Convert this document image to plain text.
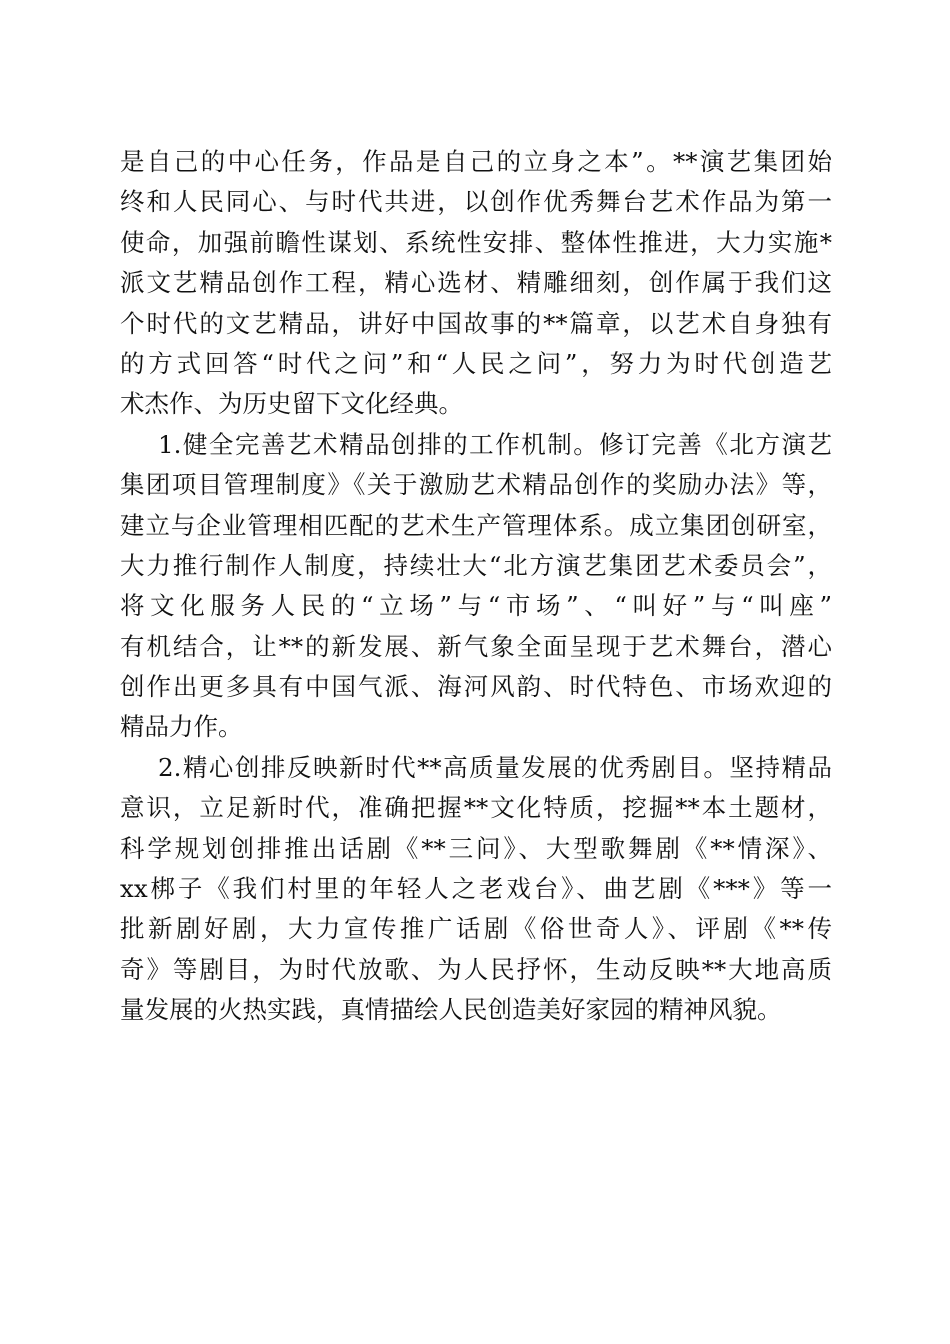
是自己的中心任务，作品是自己的立身之本”。**演艺集团始
终和人民同心、与时代共进，以创作优秀舞台艺术作品为第一
使命，加强前瞻性谋划、系统性安排、整体性推进，大力实施*
派文艺精品创作工程，精心选材、精雕细刻，创作属于我们这
个时代的文艺精品，讲好中国故事的**篇章，以艺术自身独有
的方式回答“时代之问”和“人民之问”，努力为时代创造艺
术杰作、为历史留下文化经典。
1.健全完善艺术精品创排的工作机制。修订完善《北方演艺
集团项目管理制度》《关于激励艺术精品创作的奖励办法》等，
建立与企业管理相匹配的艺术生产管理体系。成立集团创研室，
大力推行制作人制度，持续壮大“北方演艺集团艺术委员会”，
将文化服务人民的“立场”与“市场”、“叫好”与“叫座”
有机结合，让**的新发展、新气象全面呈现于艺术舞台，潜心
创作出更多具有中国气派、海河风韵、时代特色、市场欢迎的
精品力作。
2.精心创排反映新时代**高质量发展的优秀剧目。坚持精品
意识，立足新时代，准确把握**文化特质，挖掘**本土题材，
科学规划创排推出话剧《**三问》、大型歌舞剧《**情深》、
xx梆子《我们村里的年轻人之老戏台》、曲艺剧《***》等一
批新剧好剧，大力宣传推广话剧《俗世奇人》、评剧《**传
奇》等剧目，为时代放歌、为人民抒怀，生动反映**大地高质
量发展的火热实践，真情描绘人民创造美好家园的精神风貌。
